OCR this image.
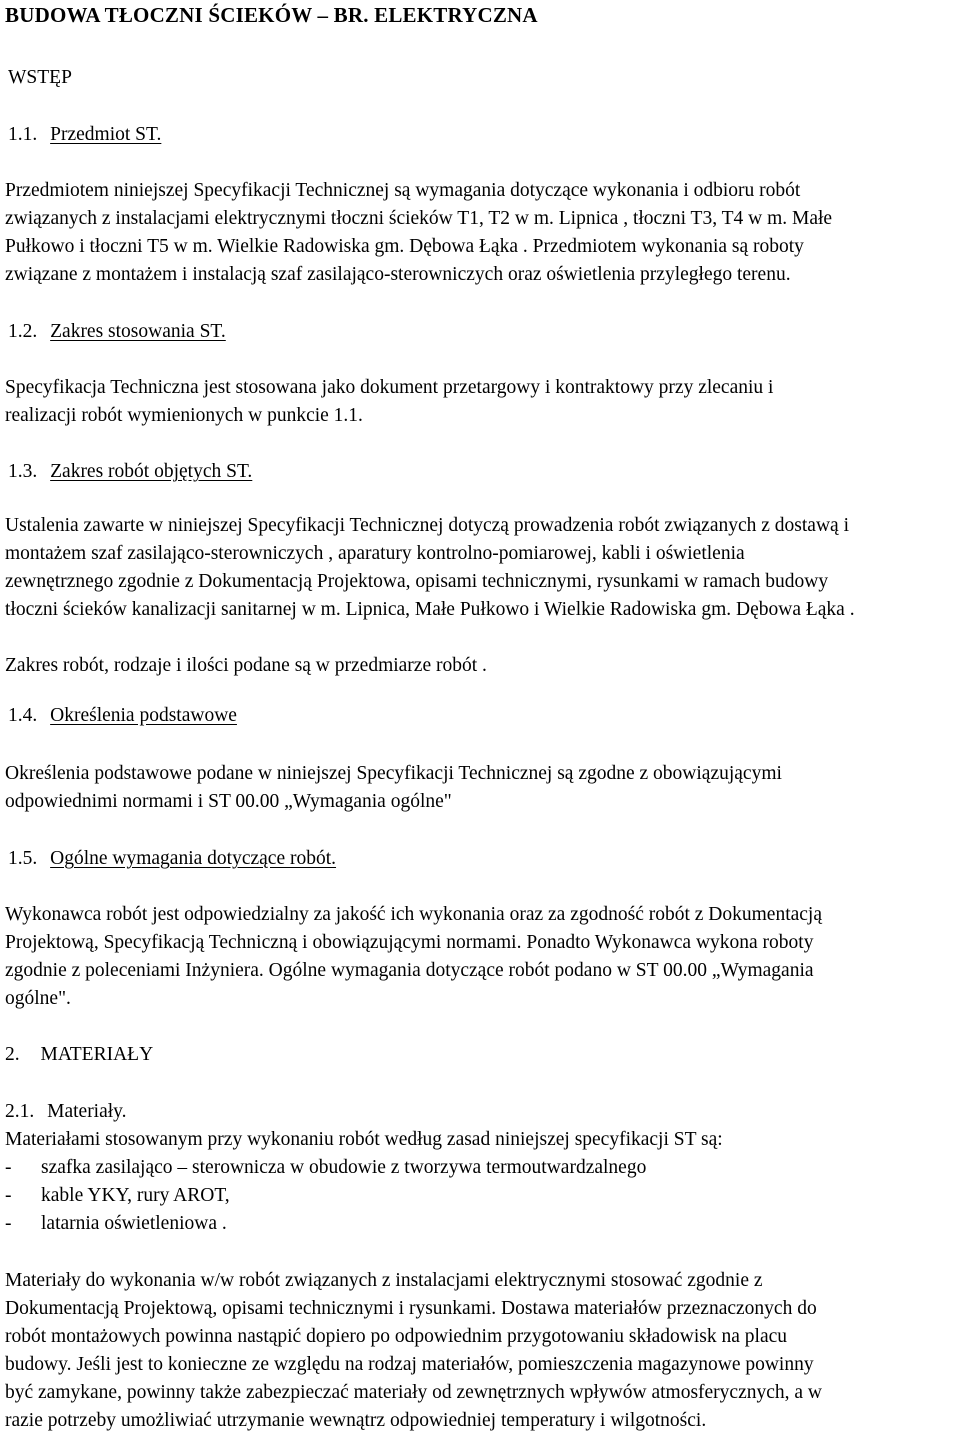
BUDOWA TŁOCZNI ŚCIEKÓW – BR. ELEKTRYCZNA
WSTĘP
1.1. Przedmiot ST.
Przedmiotem niniejszej Specyfikacji Technicznej są wymagania dotyczące wykonania i odbioru robót
związanych z instalacjami elektrycznymi tłoczni ścieków T1, T2 w m. Lipnica , tłoczni T3, T4 w m. Małe
Pułkowo i tłoczni T5 w m. Wielkie Radowiska gm. Dębowa Łąka . Przedmiotem wykonania są roboty
związane z montażem i instalacją szaf zasilająco-sterowniczych oraz oświetlenia przyległego terenu.
1.2. Zakres stosowania ST.
Specyfikacja Techniczna jest stosowana jako dokument przetargowy i kontraktowy przy zlecaniu i
realizacji robót wymienionych w punkcie 1.1.
1.3. Zakres robót objętych ST.
Ustalenia zawarte w niniejszej Specyfikacji Technicznej dotyczą prowadzenia robót związanych z dostawą i
montażem szaf zasilająco-sterowniczych , aparatury kontrolno-pomiarowej, kabli i oświetlenia
zewnętrznego zgodnie z Dokumentacją Projektowa, opisami technicznymi, rysunkami w ramach budowy
tłoczni ścieków kanalizacji sanitarnej w m. Lipnica, Małe Pułkowo i Wielkie Radowiska gm. Dębowa Łąka .
Zakres robót, rodzaje i ilości podane są w przedmiarze robót .
1.4. Określenia podstawowe
Określenia podstawowe podane w niniejszej Specyfikacji Technicznej są zgodne z obowiązującymi
odpowiednimi normami i ST 00.00 „Wymagania ogólne"
1.5. Ogólne wymagania dotyczące robót.
Wykonawca robót jest odpowiedzialny za jakość ich wykonania oraz za zgodność robót z Dokumentacją
Projektową, Specyfikacją Techniczną i obowiązującymi normami. Ponadto Wykonawca wykona roboty
zgodnie z poleceniami Inżyniera. Ogólne wymagania dotyczące robót podano w ST 00.00 „Wymagania
ogólne".
2. MATERIAŁY
2.1. Materiały.
Materiałami stosowanym przy wykonaniu robót według zasad niniejszej specyfikacji ST są:
- szafka zasilająco – sterownicza w obudowie z tworzywa termoutwardzalnego
- kable YKY, rury AROT,
- latarnia oświetleniowa .
Materiały do wykonania w/w robót związanych z instalacjami elektrycznymi stosować zgodnie z
Dokumentacją Projektową, opisami technicznymi i rysunkami. Dostawa materiałów przeznaczonych do
robót montażowych powinna nastąpić dopiero po odpowiednim przygotowaniu składowisk na placu
budowy. Jeśli jest to konieczne ze względu na rodzaj materiałów, pomieszczenia magazynowe powinny
być zamykane, powinny także zabezpieczać materiały od zewnętrznych wpływów atmosferycznych, a w
razie potrzeby umożliwiać utrzymanie wewnątrz odpowiedniej temperatury i wilgotności.
